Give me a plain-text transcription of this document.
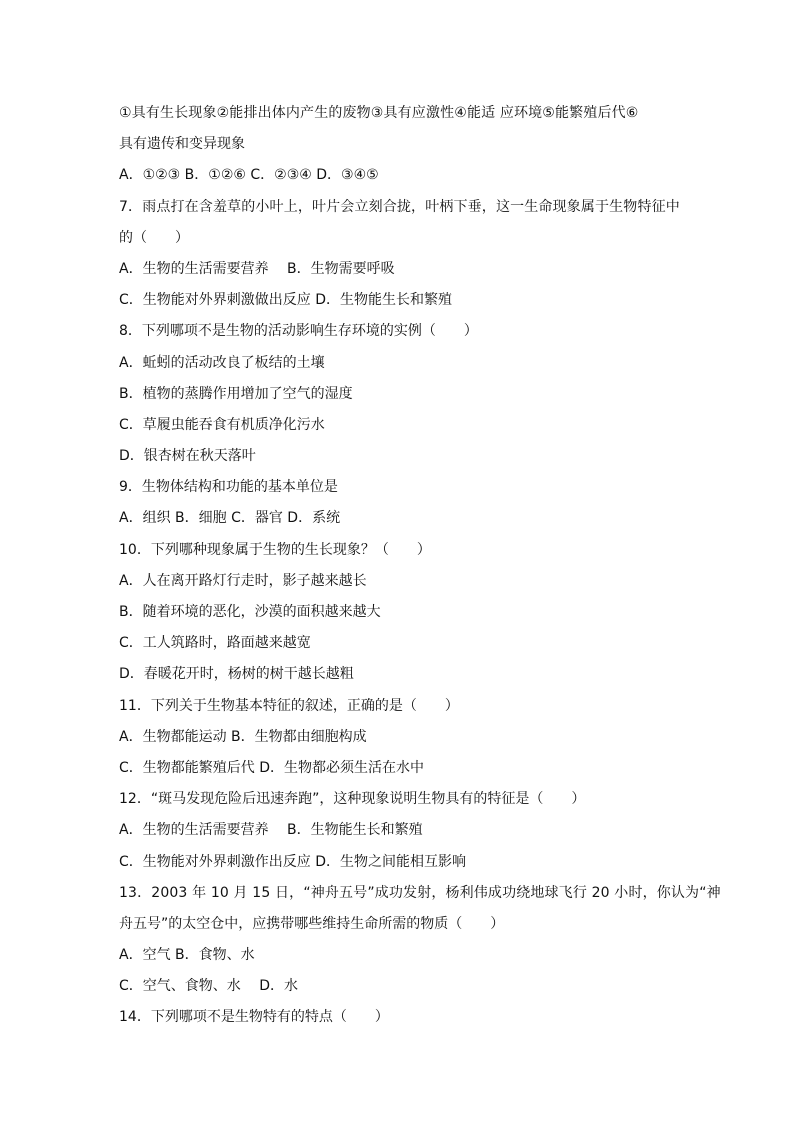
①具有生长现象②能排出体内产生的废物③具有应激性④能适 应环境⑤能繁殖后代⑥
具有遗传和变异现象
A．①②③ B．①②⑥ C．②③④ D．③④⑤
7．雨点打在含羞草的小叶上，叶片会立刻合拢，叶柄下垂，这一生命现象属于生物特征中
的（　　）
A．生物的生活需要营养　 B．生物需要呼吸
C．生物能对外界刺激做出反应 D．生物能生长和繁殖
8．下列哪项不是生物的活动影响生存环境的实例（　　）
A．蚯蚓的活动改良了板结的土壤
B．植物的蒸腾作用增加了空气的湿度
C．草履虫能吞食有机质净化污水
D．银杏树在秋天落叶
9．生物体结构和功能的基本单位是
A．组织 B．细胞 C．器官 D．系统
10．下列哪种现象属于生物的生长现象？（　　）
A．人在离开路灯行走时，影子越来越长
B．随着环境的恶化，沙漠的面积越来越大
C．工人筑路时，路面越来越宽
D．春暖花开时，杨树的树干越长越粗
11．下列关于生物基本特征的叙述，正确的是（　　）
A．生物都能运动 B．生物都由细胞构成
C．生物都能繁殖后代 D．生物都必须生活在水中
12．“斑马发现危险后迅速奔跑”，这种现象说明生物具有的特征是（　　）
A．生物的生活需要营养　 B．生物能生长和繁殖
C．生物能对外界刺激作出反应 D．生物之间能相互影响
13．2003 年 10 月 15 日，“神舟五号”成功发射，杨利伟成功绕地球飞行 20 小时，你认为“神
舟五号”的太空仓中，应携带哪些维持生命所需的物质（　　）
A．空气 B．食物、水
C．空气、食物、水　 D．水
14．下列哪项不是生物特有的特点（　　）
